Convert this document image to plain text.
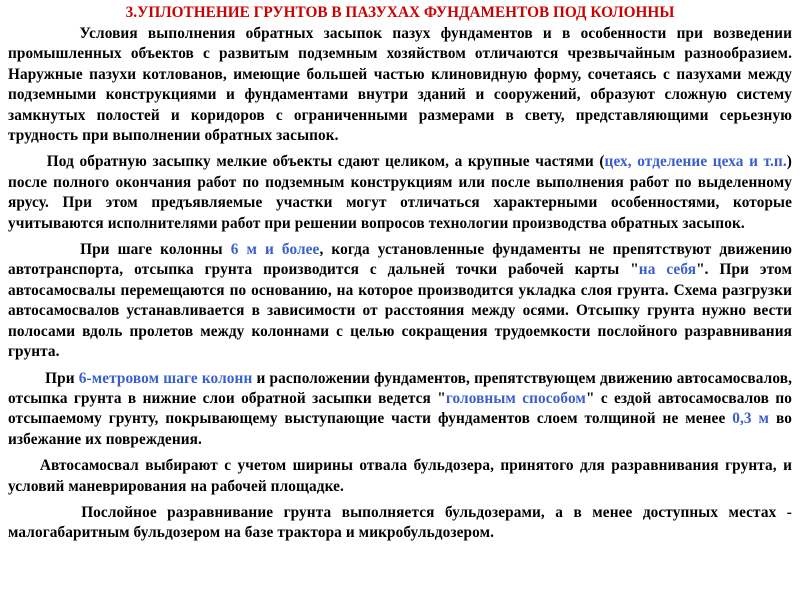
3.УПЛОТНЕНИЕ ГРУНТОВ В ПАЗУХАХ ФУНДАМЕНТОВ ПОД КОЛОННЫ

Условия выполнения обратных засыпок пазух фундаментов и в особенности при возведении промышленных объектов с развитым подземным хозяйством отличаются чрезвычайным разнообразием. Наружные пазухи котлованов, имеющие большей частью клиновидную форму, сочетаясь с пазухами между подземными конструкциями и фундаментами внутри зданий и сооружений, образуют сложную систему замкнутых полостей и коридоров с ограниченными размерами в свету, представляющими серьезную трудность при выполнении обратных засыпок.

Под обратную засыпку мелкие объекты сдают целиком, а крупные частями (цех, отделение цеха и т.п.) после полного окончания работ по подземным конструкциям или после выполнения работ по выделенному ярусу. При этом предъявляемые участки могут отличаться характерными особенностями, которые учитываются исполнителями работ при решении вопросов технологии производства обратных засыпок.

При шаге колонны 6 м и более, когда установленные фундаменты не препятствуют движению автотранспорта, отсыпка грунта производится с дальней точки рабочей карты "на себя". При этом автосамосвалы перемещаются по основанию, на которое производится укладка слоя грунта. Схема разгрузки автосамосвалов устанавливается в зависимости от расстояния между осями. Отсыпку грунта нужно вести полосами вдоль пролетов между колоннами с целью сокращения трудоемкости послойного разравнивания грунта.

При 6-метровом шаге колонн и расположении фундаментов, препятствующем движению автосамосвалов, отсыпка грунта в нижние слои обратной засыпки ведется "головным способом" с ездой автосамосвалов по отсыпаемому грунту, покрывающему выступающие части фундаментов слоем толщиной не менее 0,3 м во избежание их повреждения.

Автосамосвал выбирают с учетом ширины отвала бульдозера, принятого для разравнивания грунта, и условий маневрирования на рабочей площадке.

Послойное разравнивание грунта выполняется бульдозерами, а в менее доступных местах - малогабаритным бульдозером на базе трактора и микробульдозером.
